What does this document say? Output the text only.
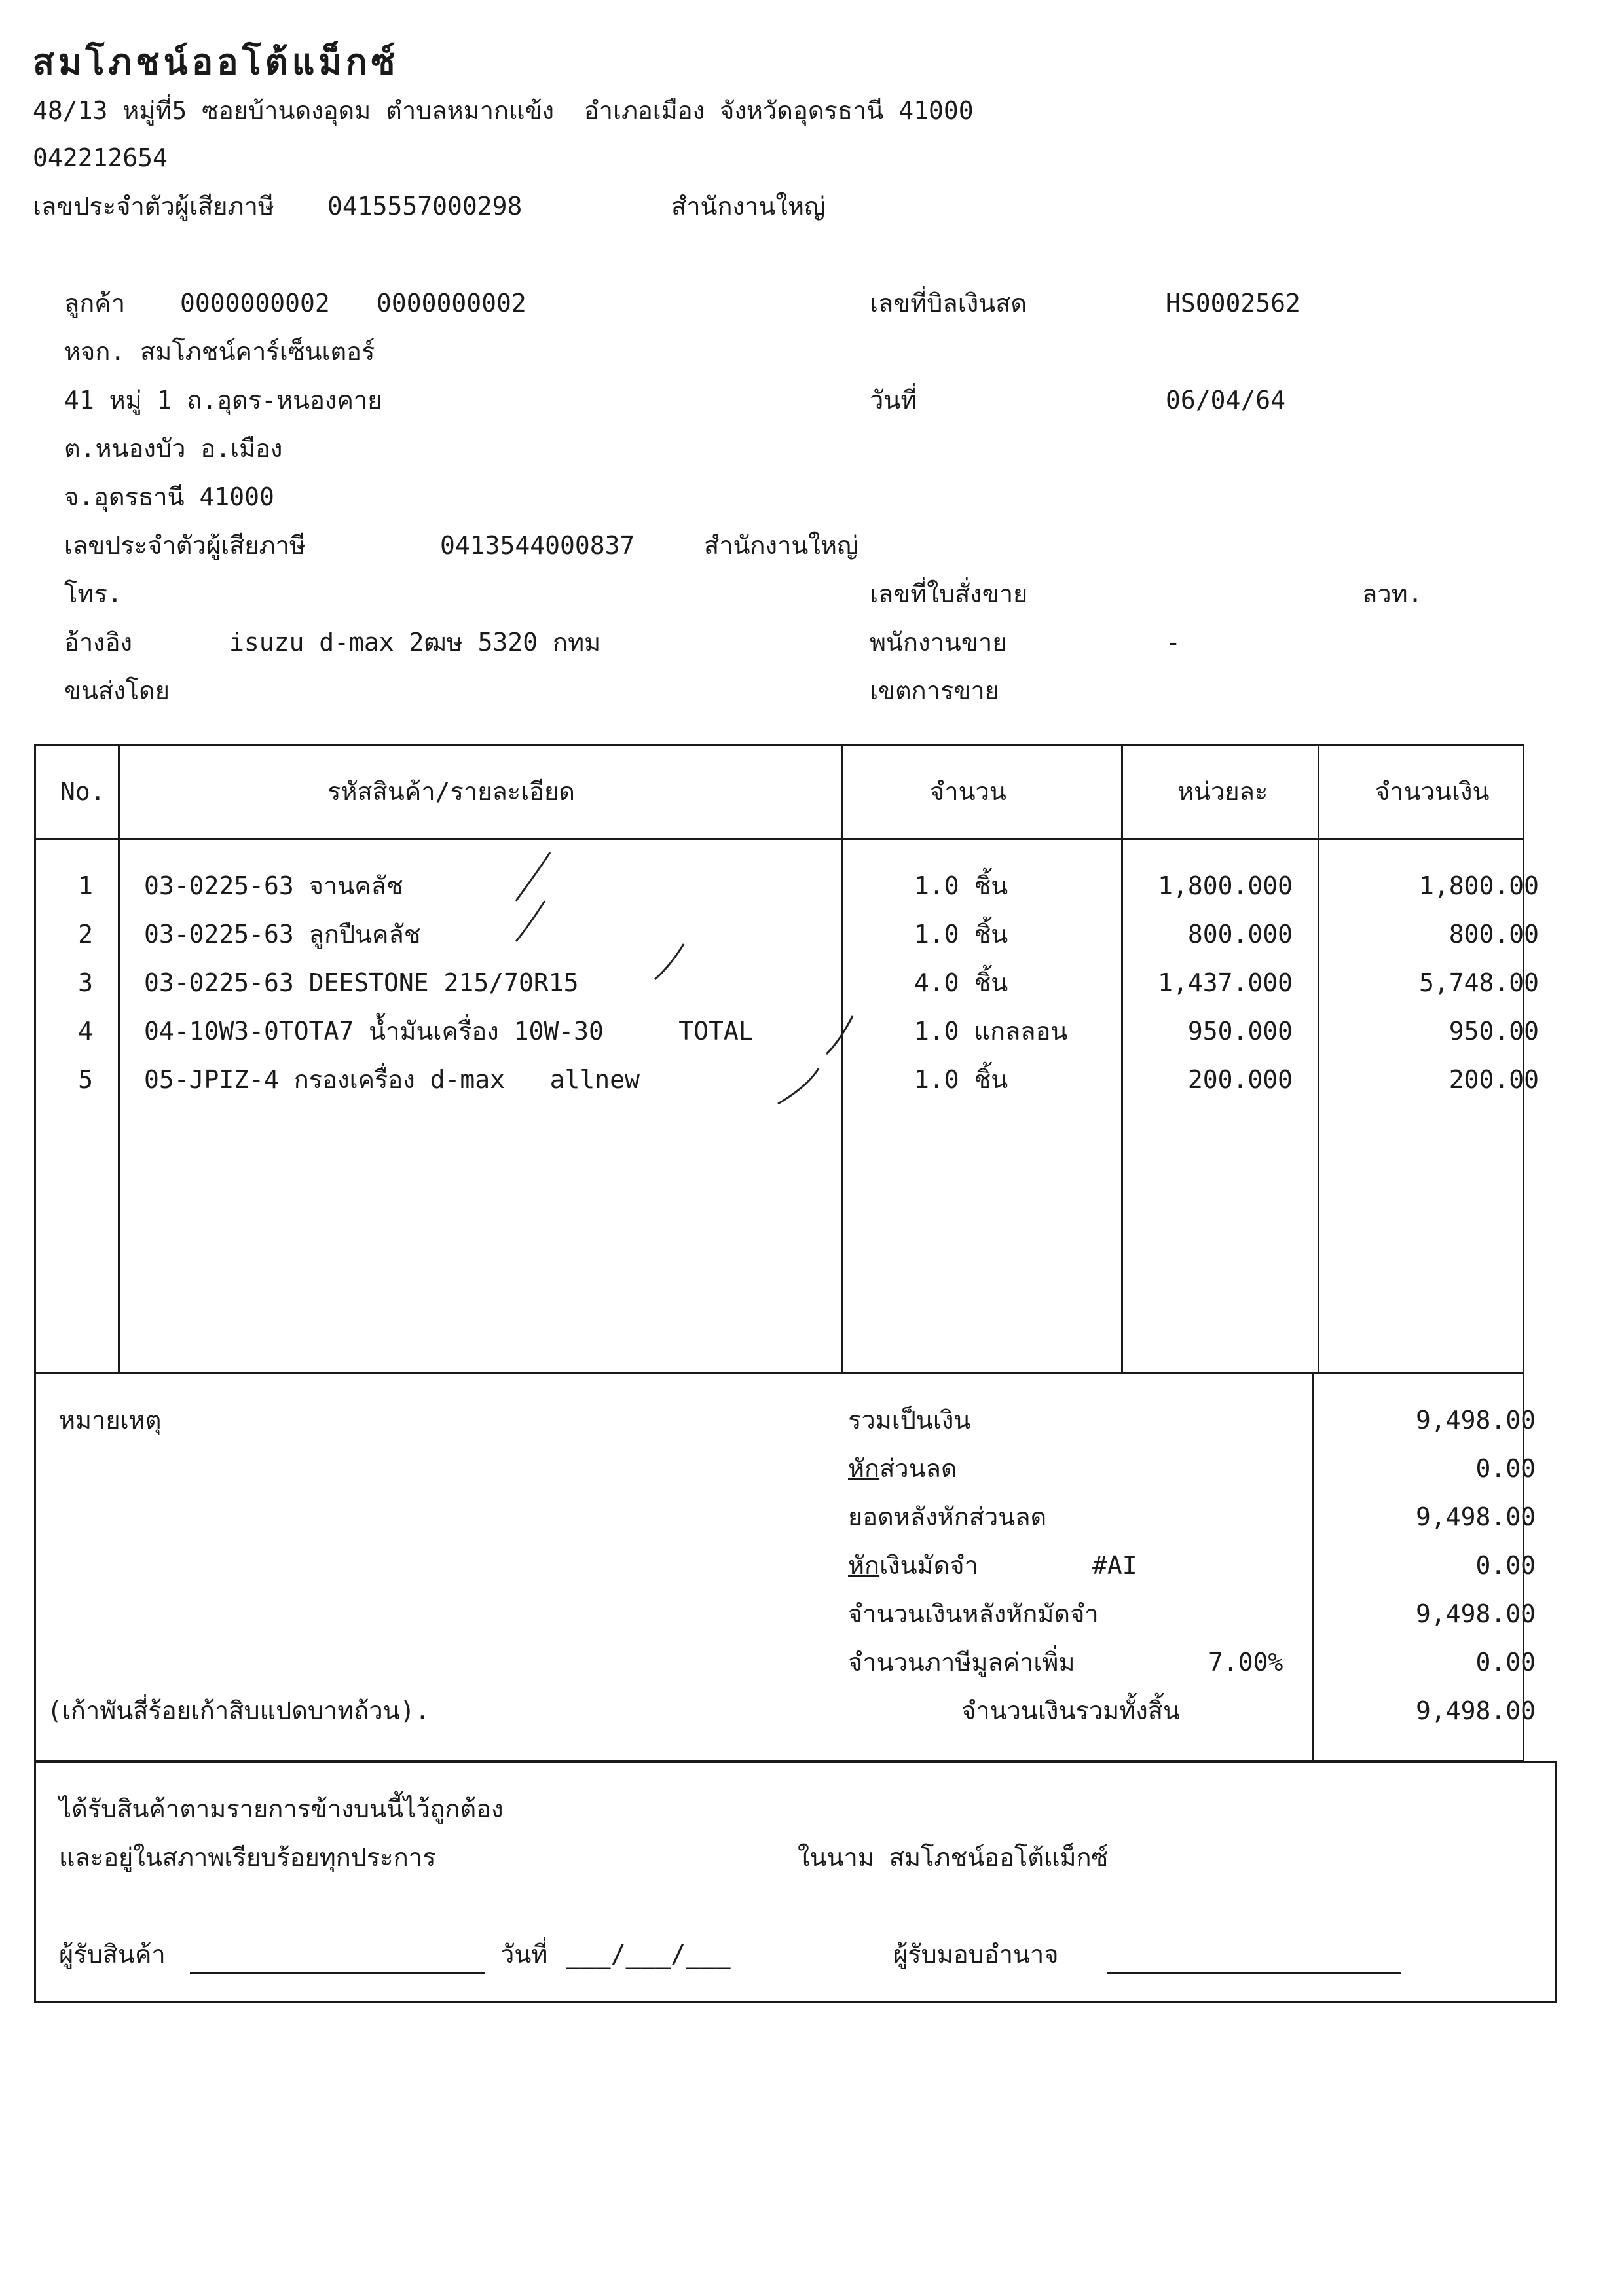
สมโภชน์ออโต้แม็กซ์
48/13 หมู่ที่5 ซอยบ้านดงอุดม ตำบลหมากแข้ง  อำเภอเมือง จังหวัดอุดรธานี 41000
042212654
เลขประจำตัวผู้เสียภาษี 0415557000298	สำนักงานใหญ่
ลูกค้า 0000000002 0000000002
หจก. สมโภชน์คาร์เซ็นเตอร์
41 หมู่ 1 ถ.อุดร-หนองคาย
ต.หนองบัว อ.เมือง
จ.อุดรธานี 41000
เลขประจำตัวผู้เสียภาษี	0413544000837	สำนักงานใหญ่
โทร.
อ้างอิง	isuzu d-max 2ฒษ 5320 กทม
ขนส่งโดย
เลขที่บิลเงินสด	HS0002562
วันที่	06/04/64
เลขที่ใบสั่งขาย	ลวท.
พนักงานขาย	-
เขตการขาย
No.	รหัสสินค้า/รายละเอียด	จำนวน	หน่วยละ	จำนวนเงิน
1 03-0225-63 จานคลัช	1.0 ชิ้น	1,800.000	1,800.00
2 03-0225-63 ลูกปืนคลัช	1.0 ชิ้น	800.000	800.00
3 03-0225-63 DEESTONE 215/70R15	4.0 ชิ้น	1,437.000	5,748.00
4 04-10W3-0TOTA7 น้ำมันเครื่อง 10W-30     TOTAL	1.0 แกลลอน	950.000	950.00
5 05-JPIZ-4 กรองเครื่อง d-max   allnew	1.0 ชิ้น	200.000	200.00
หมายเหตุ	รวมเป็นเงิน	9,498.00
หักส่วนลด	0.00
ยอดหลังหักส่วนลด	9,498.00
หักเงินมัดจำ	#AI	0.00
จำนวนเงินหลังหักมัดจำ	9,498.00
จำนวนภาษีมูลค่าเพิ่ม	7.00%	0.00
(เก้าพันสี่ร้อยเก้าสิบแปดบาทถ้วน).	จำนวนเงินรวมทั้งสิ้น	9,498.00
ได้รับสินค้าตามรายการข้างบนนี้ไว้ถูกต้อง
และอยู่ในสภาพเรียบร้อยทุกประการ	ในนาม สมโภชน์ออโต้แม็กซ์
ผู้รับสินค้า	วันที่ ___/___/___	ผู้รับมอบอำนาจ
